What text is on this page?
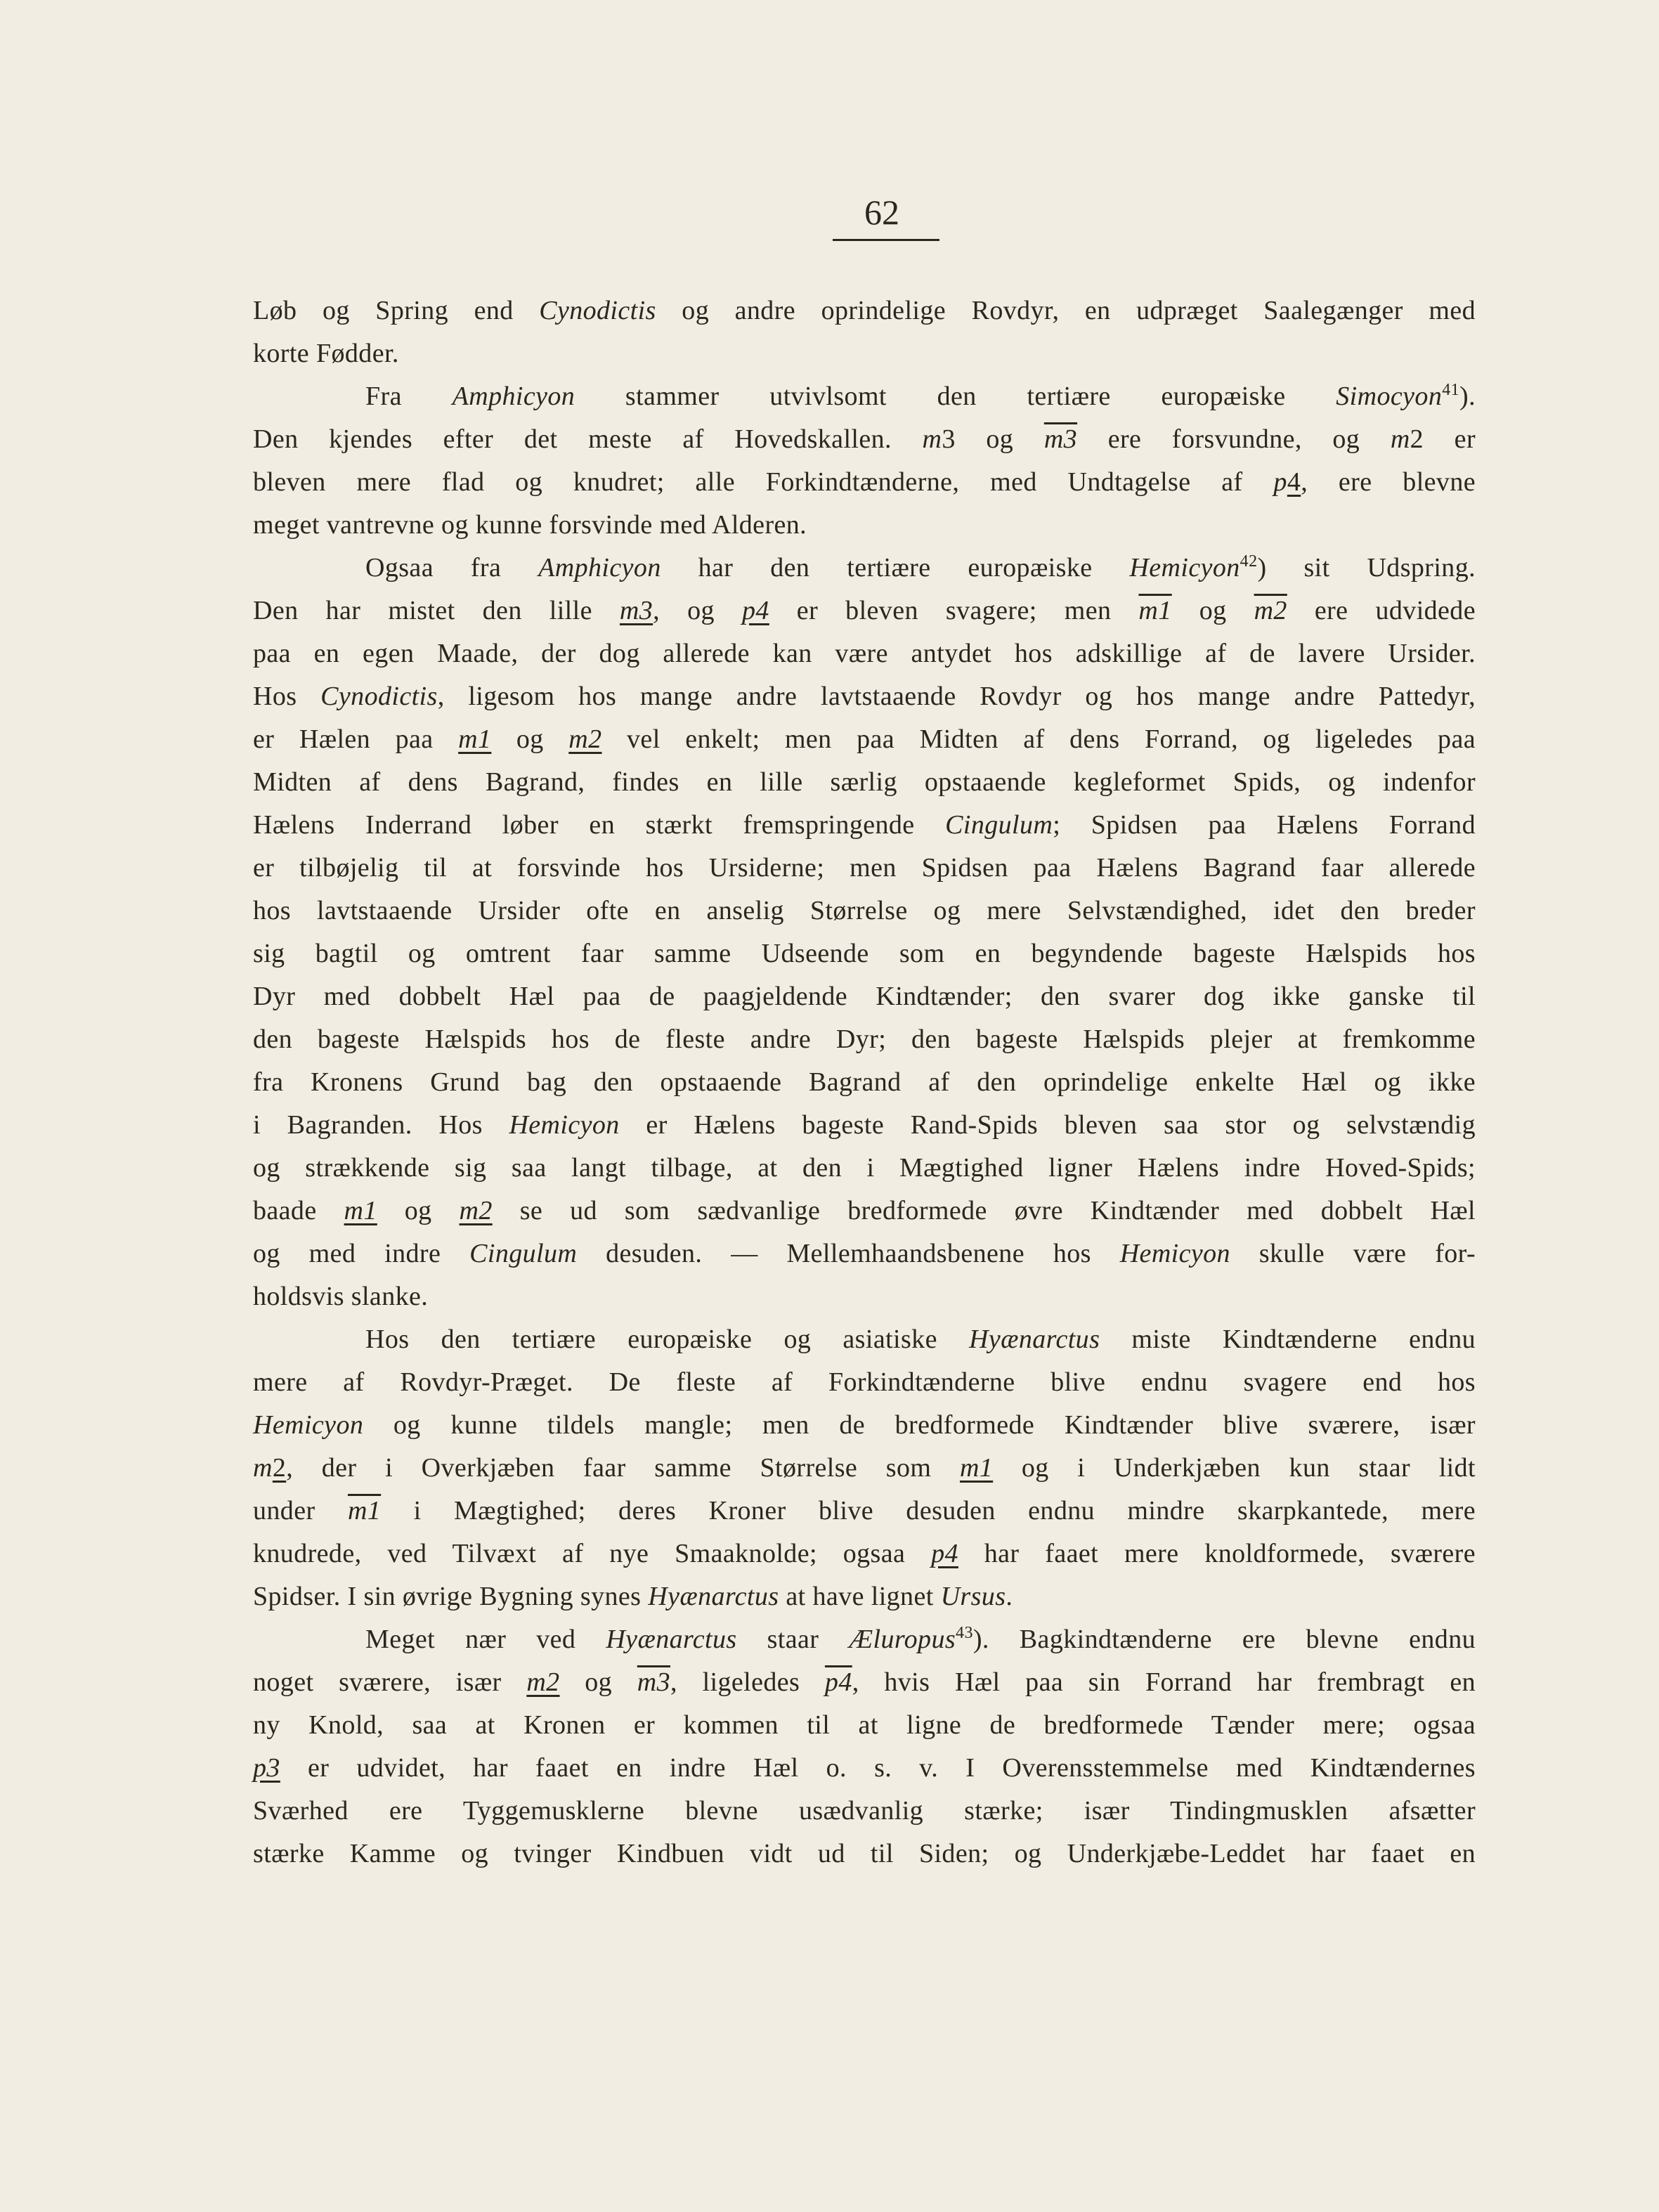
62
Løb og Spring end Cynodictis og andre oprindelige Rovdyr, en udpræget Saalegænger med
korte Fødder.
Fra Amphicyon stammer utvivlsomt den tertiære europæiske Simocyon$^{41}$).
Den kjendes efter det meste af Hovedskallen. m3 og m3 ere forsvundne, og m2 er
bleven mere flad og knudret; alle Forkindtænderne, med Undtagelse af p4, ere blevne
meget vantrevne og kunne forsvinde med Alderen.
Ogsaa fra Amphicyon har den tertiære europæiske Hemicyon$^{42}$) sit Udspring.
Den har mistet den lille m3, og p4 er bleven svagere; men m1 og m2 ere udvidede
paa en egen Maade, der dog allerede kan være antydet hos adskillige af de lavere Ursider.
Hos Cynodictis, ligesom hos mange andre lavtstaaende Rovdyr og hos mange andre Pattedyr,
er Hælen paa m1 og m2 vel enkelt; men paa Midten af dens Forrand, og ligeledes paa
Midten af dens Bagrand, findes en lille særlig opstaaende kegleformet Spids, og indenfor
Hælens Inderrand løber en stærkt fremspringende Cingulum; Spidsen paa Hælens Forrand
er tilbøjelig til at forsvinde hos Ursiderne; men Spidsen paa Hælens Bagrand faar allerede
hos lavtstaaende Ursider ofte en anselig Størrelse og mere Selvstændighed, idet den breder
sig bagtil og omtrent faar samme Udseende som en begyndende bageste Hælspids hos
Dyr med dobbelt Hæl paa de paagjeldende Kindtænder; den svarer dog ikke ganske til
den bageste Hælspids hos de fleste andre Dyr; den bageste Hælspids plejer at fremkomme
fra Kronens Grund bag den opstaaende Bagrand af den oprindelige enkelte Hæl og ikke
i Bagranden. Hos Hemicyon er Hælens bageste Rand-Spids bleven saa stor og selvstændig
og strækkende sig saa langt tilbage, at den i Mægtighed ligner Hælens indre Hoved-Spids;
baade m1 og m2 se ud som sædvanlige bredformede øvre Kindtænder med dobbelt Hæl
og med indre Cingulum desuden. — Mellemhaandsbenene hos Hemicyon skulle være for-
holdsvis slanke.
Hos den tertiære europæiske og asiatiske Hyænarctus miste Kindtænderne endnu
mere af Rovdyr-Præget. De fleste af Forkindtænderne blive endnu svagere end hos
Hemicyon og kunne tildels mangle; men de bredformede Kindtænder blive sværere, især
m2, der i Overkjæben faar samme Størrelse som m1 og i Underkjæben kun staar lidt
under m1 i Mægtighed; deres Kroner blive desuden endnu mindre skarpkantede, mere
knudrede, ved Tilvæxt af nye Smaaknolde; ogsaa p4 har faaet mere knoldformede, sværere
Spidser. I sin øvrige Bygning synes Hyænarctus at have lignet Ursus.
Meget nær ved Hyænarctus staar Æluropus$^{43}$). Bagkindtænderne ere blevne endnu
noget sværere, især m2 og m3, ligeledes p4, hvis Hæl paa sin Forrand har frembragt en
ny Knold, saa at Kronen er kommen til at ligne de bredformede Tænder mere; ogsaa
p3 er udvidet, har faaet en indre Hæl o. s. v. I Overensstemmelse med Kindtændernes
Sværhed ere Tyggemusklerne blevne usædvanlig stærke; især Tindingmusklen afsætter
stærke Kamme og tvinger Kindbuen vidt ud til Siden; og Underkjæbe-Leddet har faaet en
